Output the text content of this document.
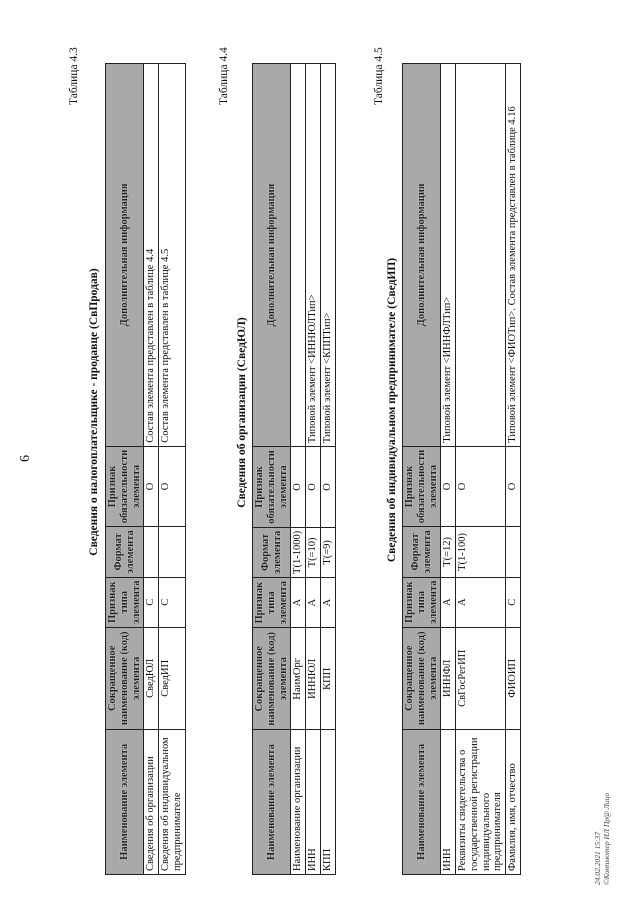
6
Таблица 4.3
Сведения о налогоплательщике - продавце (СвПродав)
Наименование элемента	Сокращенное наименование (код) элемента	Признак типа элемента	Формат элемента	Признак обязательности элемента	Дополнительная информация
Сведения об организации	СведЮЛ	С		О	Состав элемента представлен в таблице 4.4
Сведения об индивидуальном предпринимателе	СведИП	С		О	Состав элемента представлен в таблице 4.5
Таблица 4.4
Сведения об организации (СведЮЛ)
Наименование элемента	Сокращенное наименование (код) элемента	Признак типа элемента	Формат элемента	Признак обязательности элемента	Дополнительная информация
Наименование организации	НаимОрг	А	T(1-1000)	О	
ИНН	ИННЮЛ	А	T(=10)	О	Типовой элемент <ИННЮЛТип>
КПП	КПП	А	T(=9)	О	Типовой элемент <КППТип>
Таблица 4.5
Сведения об индивидуальном предпринимателе (СведИП)
Наименование элемента	Сокращенное наименование (код) элемента	Признак типа элемента	Формат элемента	Признак обязательности элемента	Дополнительная информация
ИНН	ИННФЛ	А	T(=12)	О	Типовой элемент <ИННФЛТип>
Реквизиты свидетельства о государственной регистрации индивидуального предпринимателя	СвГосРегИП	А	T(1-100)	О	
Фамилия, имя, отчество	ФИОИП	С		О	Типовой элемент <ФИОТип>. Состав элемента представлен в таблице 4.16
24.02.2021 15:37 ©Компьютер ИЛ Пр@ Лицо
